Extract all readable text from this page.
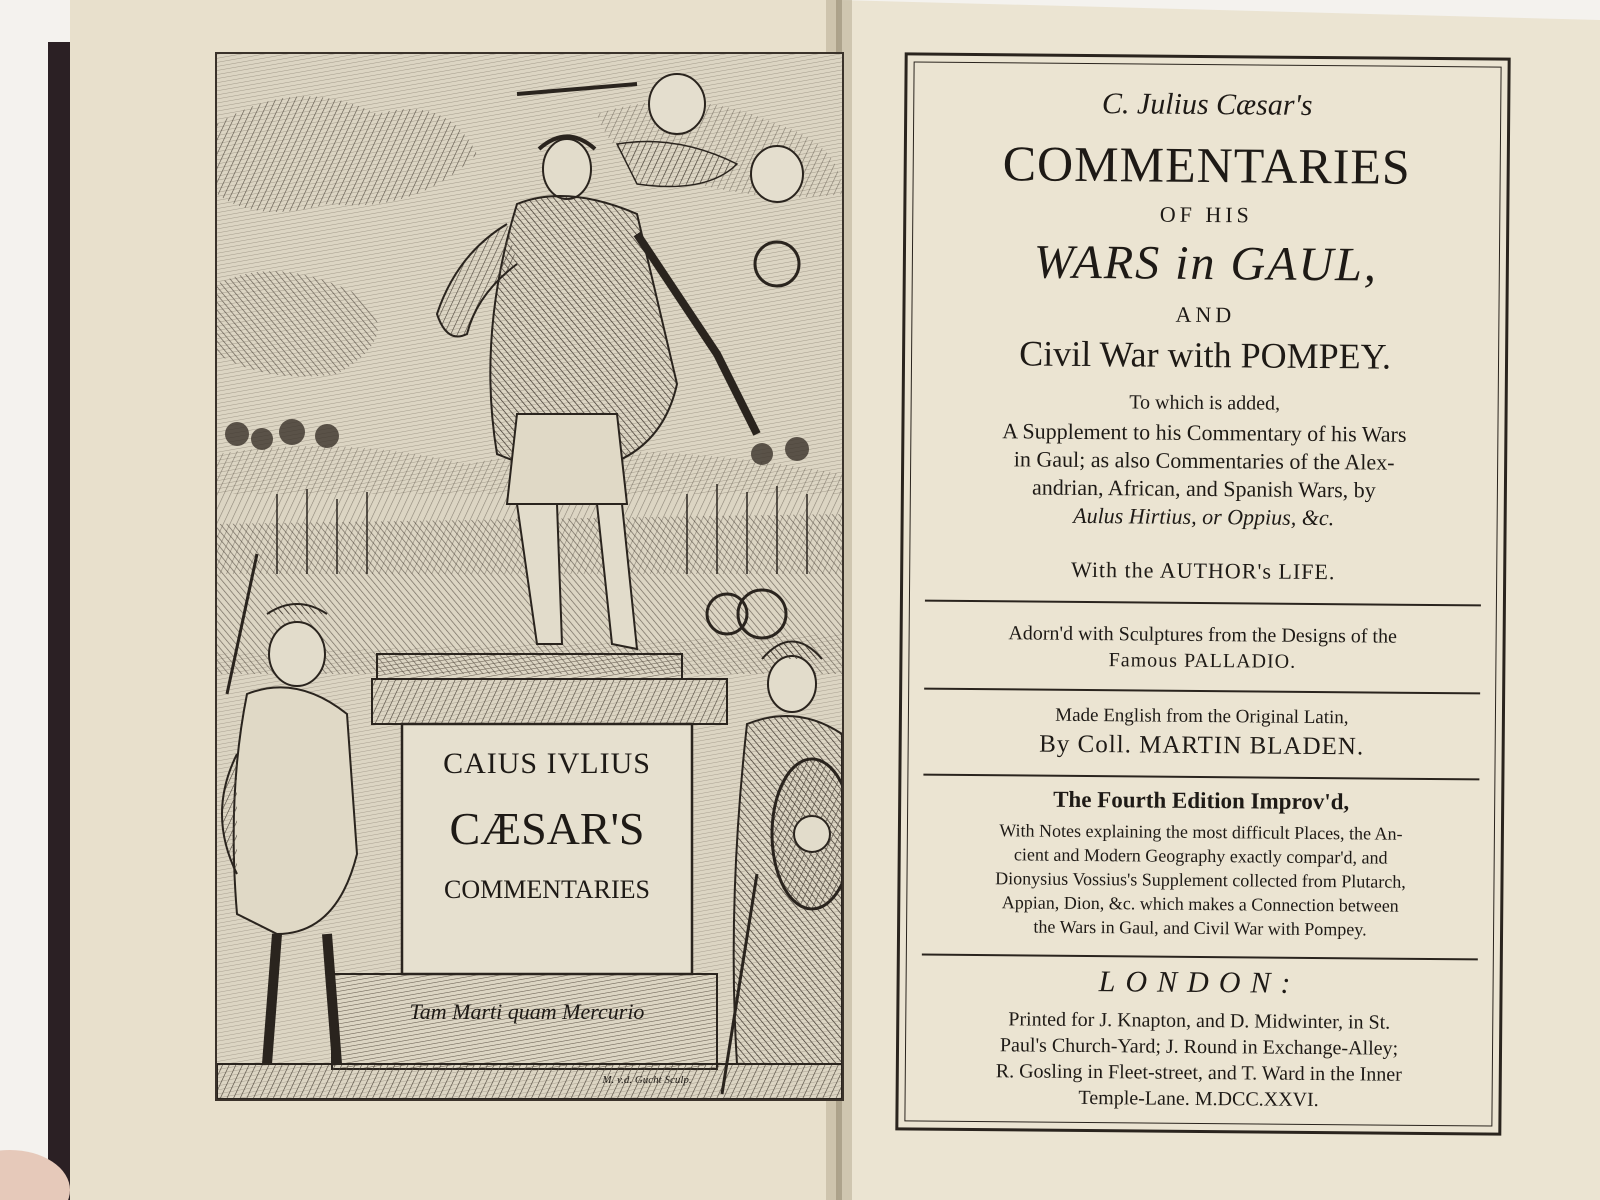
CAIUS IVLIUS
CÆSAR'S
COMMENTARIES
Tam Marti quam Mercurio
M. v.d. Gucht Sculp.
C. Julius Cæsar's
COMMENTARIES
OF HIS
WARS in GAUL,
AND
Civil War with POMPEY.
To which is added,
A Supplement to his Commentary of his Wars
in Gaul; as also Commentaries of the Alex-
andrian, African, and Spanish Wars, by
Aulus Hirtius, or Oppius, &c.
With the AUTHOR's LIFE.
Adorn'd with Sculptures from the Designs of the
Famous PALLADIO.
Made English from the Original Latin,
By Coll. MARTIN BLADEN.
The Fourth Edition Improv'd,
With Notes explaining the most difficult Places, the An-
cient and Modern Geography exactly compar'd, and
Dionysius Vossius's Supplement collected from Plutarch,
Appian, Dion, &c. which makes a Connection between
the Wars in Gaul, and Civil War with Pompey.
LONDON:
Printed for J. Knapton, and D. Midwinter, in St.
Paul's Church-Yard; J. Round in Exchange-Alley;
R. Gosling in Fleet-street, and T. Ward in the Inner
Temple-Lane. M.DCC.XXVI.
